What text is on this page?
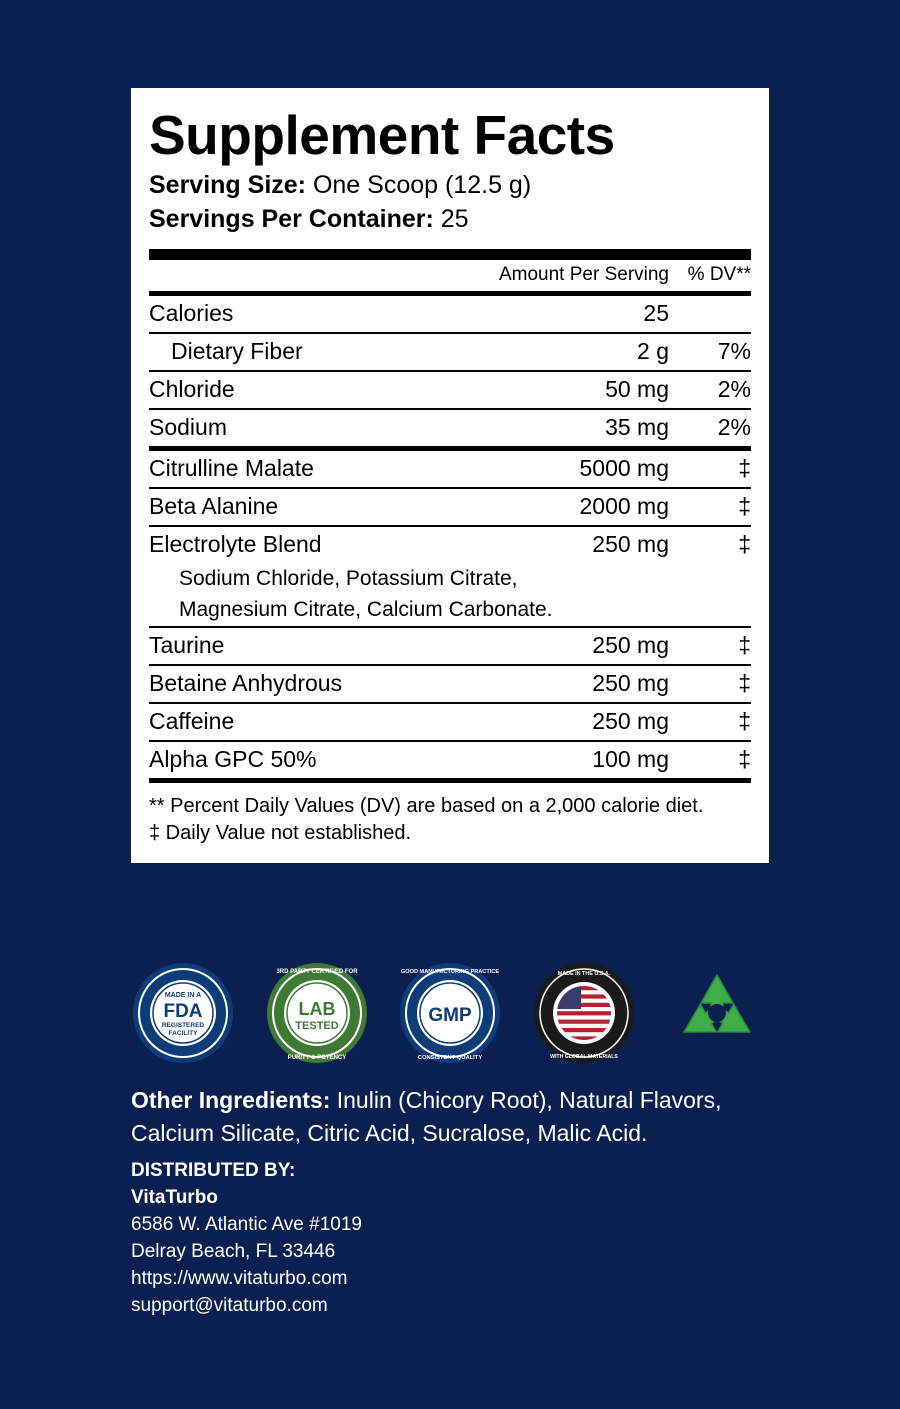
Supplement Facts
Serving Size: One Scoop (12.5 g)
Servings Per Container: 25
	Amount Per Serving	% DV**
Calories	25	
Dietary Fiber	2 g	7%
Chloride	50 mg	2%
Sodium	35 mg	2%
Citrulline Malate	5000 mg	‡
Beta Alanine	2000 mg	‡
Electrolyte Blend	250 mg	‡
Sodium Chloride, Potassium Citrate,		
Magnesium Citrate, Calcium Carbonate.		
Taurine	250 mg	‡
Betaine Anhydrous	250 mg	‡
Caffeine	250 mg	‡
Alpha GPC 50%	100 mg	‡
** Percent Daily Values (DV) are based on a 2,000 calorie diet.
‡ Daily Value not established.
MADE IN A
FDA
REGISTERED
FACILITY
3RD PARTY CERTIFIED FOR
LAB
TESTED
PURITY & POTENCY
GOOD MANUFACTURING PRACTICE
GMP
CONSISTENT QUALITY
MADE IN THE U.S.A.
WITH GLOBAL MATERIALS
Other Ingredients: Inulin (Chicory Root), Natural Flavors,
Calcium Silicate, Citric Acid, Sucralose, Malic Acid.
DISTRIBUTED BY:
VitaTurbo
6586 W. Atlantic Ave #1019
Delray Beach, FL 33446
https://www.vitaturbo.com
support@vitaturbo.com
